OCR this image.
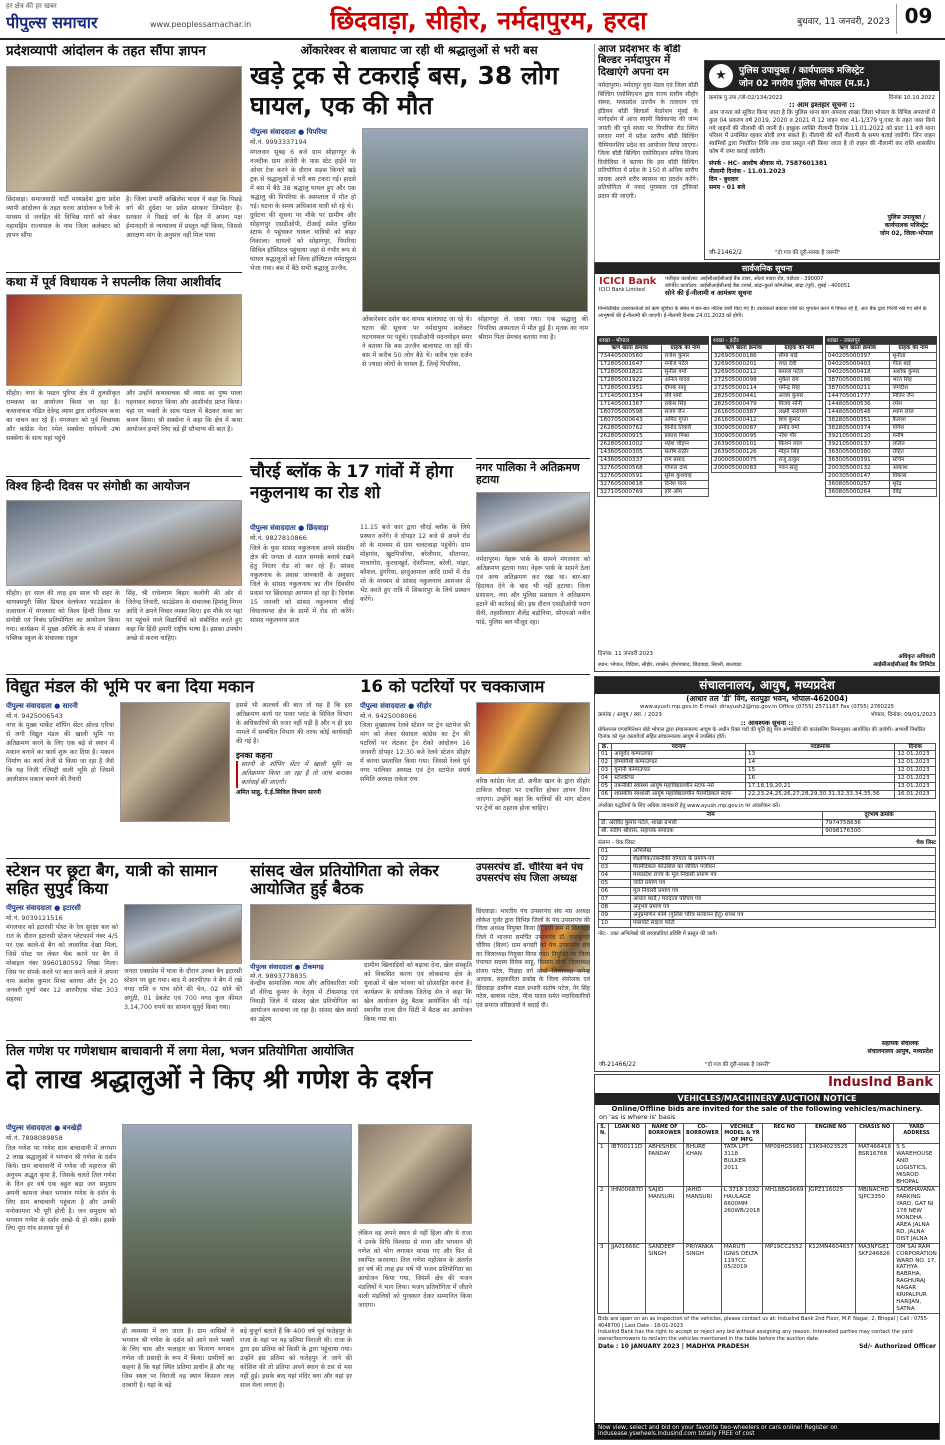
हर क्षेत्र की हर खबर
पीपुल्स समाचार	www.peoplessamachar.in	छिंदवाड़ा, सीहोर, नर्मदापुरम, हरदा	बुधवार, 11 जनवरी, 2023 09
प्रदेशव्यापी आंदोलन के तहत सौंपा ज्ञापन
छिंदवाड़ा। समाजवादी पार्टी मध्यप्रदेश द्वारा प्रदेश व्यापी आंदोलन के तहत धरना आंदोलन व रैली के माध्यम से जनहित की विभिन्न मांगों को लेकर महामहिम राज्यपाल के नाम जिला कलेक्टर को ज्ञापन सौंपा
है। जिला प्रभारी अखिलेश यादव ने कहा कि पिछड़े वर्ग की दुर्दशा पर प्रदेश सरकार जिम्मेदार है। सरकार ने पिछड़े वर्ग के हित में अपना पक्ष ईमानदारी से न्यायालय में प्रस्तुत नहीं किया, जिससे आरक्षण मांग के अनुसार नहीं मिल पाया
कथा में पूर्व विधायक ने सपत्नीक लिया आशीर्वाद
सीहोर। नगर के पस्टन पुरिया क्षेत्र में तुलसीकृत रामकथा का आयोजन किया जा रहा है। कथावाचक पंडित देवेन्द्र व्यास द्वारा संगीतमय कथा का वाचन कर रहे हैं। मंगलवार को पूर्व विधायक और कांग्रेस नेता रमेश सक्सेना धर्मपत्नी उषा सक्सेना के साथ यहां पहुंचे
और उन्होंने कथावाचक श्री व्यास का पुष्प माला पहनाकर स्वागत किया और आशीर्वाद प्राप्त किया। यहां पर भक्तों के साथ पंडाल में बैठकर कथा का श्रवण किया। श्री सक्सेना ने कहा कि क्षेत्र में कथा आयोजन हमारे लिए बड़े ही सौभाग्य की बात है।
विश्व हिन्दी दिवस पर संगोष्ठी का आयोजन
सीहोर। हर साल की तरह इस साल भी शहर के चाणक्यपुरी स्थित प्रियल वेलफेयर फाउंडेशन के तत्वाधान में मंगलवार को विश्व हिन्दी दिवस पर संगोष्ठी एवं निबंध प्रतियोगिता का आयोजन किया गया। कार्यक्रम में मुख्य अतिथि के रूप में संस्कार पब्लिक स्कूल के संचालक राहुल
सिंह, श्री राधेश्याम बिहार कलोनी की ओर से जितेन्द्र तिवारी, फाउंडेशन के संचालक हिमांशु निगम आदि ने अपने विचार व्यक्त किए। इस मौके पर यहां पर पहुंचने वाले विद्यार्थियों को संबोधित करते हुए कहा कि हिंदी हमारी राष्ट्रीय भाषा है। इसका उपयोग अच्छे से करना चाहिए।
ओंकारेश्वर से बालाघाट जा रही थी श्रद्धालुओं से भरी बस
खड़े ट्रक से टकराई बस, 38 लोग घायल, एक की मौत
पीपुल्स संवाददाता ● पिपरिया
मो.नं. 9993337194
मंगलवार सुबह 6 बजे ग्राम सोहागपुर के नजदीक ग्राम अंजेरी के पास स्टेट हाईवे पर ओवर टेक करने के दौरान सड़क किनारे खड़े ट्रक से श्रद्धालुओं से भरी बस टकरा गई। हादसे में बस में बैठे 38 श्रद्धालु घायल हुए और एक श्रद्धालु की पिपरिया के अस्पताल में मौत हो गई। घटना के समय अधिकांश यात्री सो रहे थे।
दुर्घटना की सूचना पर मौके पर ग्रामीण और सोहागपुर एसडीओपी, टीआई समेत पुलिस स्टाफ ने पहुंचकर घायल यात्रियों को बाहर निकाला। घायलों को सोहागपुर, पिपरिया सिविल हॉस्पिटल पहुंचाया जहां से गंभीर रूप से घायल श्रद्धालुओं को जिला हॉस्पिटल नर्मदापुरम भेजा गया। बस में बैठे सभी श्रद्धालु उज्जैन,
ओंकारेश्वर दर्शन कर वापस बालाघाट जा रहे थे। घटना की सूचना पर नर्मदापुरम कलेक्टर घटनास्थल पर पहुंचे। एसडीओपी मदनमोहन समर ने बताया कि बस उज्जैन बालाघाट जा रही थी। बस में करीब 50 लोग बैठे थे। करीब एक दर्जन से ज्यादा लोगों के घायल हैं, जिन्हें पिपरिया,
सोहागपुर ले जाया गया। एक श्रद्धालु की पिपरिया अस्पताल में मौत हुई है। मृतक का नाम श्रीराम पिता प्रेमचंद बताया गया है।
चौरई ब्लॉक के 17 गांवों में होगा नकुलनाथ का रोड शो
पीपुल्स संवाददाता ● छिंदवाड़ा
मो.नं. 9827810866
जिले के युवा सांसद नकुलनाथ अपने संसदीय क्षेत्र की जनता से सतत सम्पर्क बनाये रखने हेतु निरंतर रोड शो कर रहे हैं। सांसद नकुलनाथ के प्रवास जानकारी के अनुसार जिले के सांसद नकुलनाथ का तीन दिवसीय प्रवास पर छिंदवाड़ा आगमन हो रहा है। दिनांक 15 जनवरी को सांसद नकुलनाथ चौरई विधानसभा क्षेत्र के ग्रामों में रोड शो करेंगे। सांसद नकुलनाथ प्रातः
11.15 बजे कार द्वारा चौरई ब्लॉक के लिये प्रस्थान करेंगे। वे दोपहर 12 बजे से अपने रोड शो के माध्यम से ग्राम चलटवाड़ा पहुंचेंगे। ग्राम मोहगांव, खुटपिपरिया, बरेलीपार, सीतापार, माचागोरा, कुरचाखुर्द, देवरीमाल, बरेली, पांढ़र, कौशल, डुंगरिया, हरदुआमाल आदि ग्रामों में रोड शो के माध्यम से सांसद नकुलनाथ आमजन से भेंट करते हुए रात्रि में शिकारपुर के लिये प्रस्थान करेंगे।
नगर पालिका ने अतिक्रमण हटाया
नर्मदापुरम। नेहरू पार्क के सामने मंगलवार को अतिक्रमण हटाया गया। नेहरू पार्क के सामने ठेला एवं अन्य अतिक्रमण कर रखा था। बार-बार हिदायत देने के बाद भी नहीं हटाया। जिला प्रशासन, नपा और पुलिस प्रशासन ने अतिक्रमण हटाने की कार्रवाई की। इस दौरान एसडीओपी पराग सैनी, तहसीलदार शैलेंद्र बड़ोनिया, सीएमओ नवीन पांडे, पुलिस बल मौजूद रहा।
★	पुलिस उपायुक्त / कार्यपालक मजिस्ट्रेट
जोन 02 नगरीय पुलिस भोपाल (म.प्र.)
क्रमांक पु.उपा./जो-02/134/2022	दिनांक 10.10.2022
:: आम इश्तहार सूचना ::
आम जनता को सूचित किया जाता है कि पुलिस थाना बाग अपराध शाखा जिला भोपाल के विभिन्न अपराधों में कुल 04 प्रकरण वर्ष 2019, 2020 व 2021 में 12 वाहन धारा 41-1/379 पु.एक्ट के तहत जब्त किये गये वाहनों की नीलामी की जानी है। इच्छुक व्यक्ति नीलामी दिनांक 11.01.2022 को प्रातः 11 बजे थाना परिसर में उपस्थित रहकर बोली लगा सकते हैं। नीलामी की शर्तें नीलामी के समय बताई जावेंगी। जिन वाहन स्वामियों द्वारा निर्धारित तिथि तक दावा प्रस्तुत नहीं किया जाता है तो वाहन की नीलामी कर राशि शासकीय कोष में जमा कराई जावेगी।
संपर्क - HC- आशीष श्रीवास मो. 7587601381
नीलामी दिनांक - 11.01.2023
दिन - बुधवार
समय - 01 बजे
पुलिस उपायुक्त /
कार्यपालक मजिस्ट्रेट
जोन 02, जिला-भोपाल
जी-21462/2	"दो गज की दूरी-मास्क है जरूरी"
आज प्रदेशभर के बॉडी बिल्डर नर्मदापुरम में दिखाएंगे अपना दम
नर्मदापुरम। नर्मदापुर युवा मंडल एवं जिला बॉडी बिल्डिंग एसोसिएशन द्वारा राज्य स्तरीय सीहोर संस्था, मध्यप्रदेश उज्जैन के तत्वधान एवं इंडियन बॉडी बिल्डर्स फेडरेशन मुंबई के मार्गदर्शन में आज स्वामी विवेकानंद की जन्म जयंती की पूर्व संध्या पर पिपरिया रोड स्थित सरदार मार्ग में प्रदेश स्तरीय बॉडी बिल्डिंग चैम्पियनशिप प्रदेश का आयोजन किया जाएगा। जिला बॉडी बिल्डिंग एसोसिएशन सचिव विजय दिवोलिया ने बताया कि इस बॉडी बिल्डिंग प्रतियोगिता में प्रदेश के 150 से अधिक स्तरीय साधक अपने शरीर स्वास्थ्य का प्रदर्शन करेंगे। प्रतियोगिता में नकद पुरस्कार एवं ट्रॉफियां प्रदान की जाएगी।
सार्वजनिक सूचना
ICICI Bank
ICICI Bank Limited
पंजीकृत कार्यालय: आईसीआईसीआई बैंक टावर, ओल्ड पादरा रोड, वडोदरा - 390007
कॉर्पोरेट कार्यालय: आईसीआईसीआई बैंक टावर्स, बांद्रा-कुर्ला कॉम्प्लेक्स, बांद्रा (पूर्व), मुंबई - 400051
सोने की ई-नीलामी व आमंत्रण सूचना
निम्नलिखित उधारकर्ताओं को ऋण सुविधा के संबंध में बार-बार नोटिस जारी किए गए हैं। उधारकर्ता बकाया राशि का भुगतान करने में विफल रहे हैं, अतः बैंक द्वारा गिरवी रखे गए सोने के आभूषणों की ई-नीलामी की जाएगी। ई-नीलामी दिनांक 24.01.2023 को होगी।
शाखा - भोपाल
ऋण खाता क्रमांक	ग्राहक का नाम
734405000560	राजेश कुमार
172805001647	मनोज पटेल
172805001821	सुनील वर्मा
172805001922	अनिल यादव
172805001951	दीपक साहू
171405001354	रवि शर्मा
171405001367	राकेश सिंह
180705000598	संजय जैन
180705000643	अमित गुप्ता
262805000762	विनोद तिवारी
262805000915	प्रकाश मिश्रा
262805001002	महेश चौहान
143605000305	संतोष राठौर
143605000337	राम प्रसाद
327605000568	गोपाल दास
327605000591	सुरेश कुशवाह
327605000618	दिनेश पाल
327105000769	हरि ओम
शाखा - इंदौर
ऋण खाता क्रमांक	ग्राहक का नाम
326905000186	सीमा बाई
326905000201	राधा देवी
326905000212	कमला पटेल
272505000098	मुकेश राय
272505000114	धर्मेन्द्र सिंह
282505000441	अजय कुमार
282505000479	विजय सोनी
261605000387	लक्ष्मी नारायण
261605000412	शिव कुमार
300905000087	प्रमोद वर्मा
300905000095	नरेश गौर
263905000101	किशन लाल
263905000126	मोहन सिंह
200005000075	राजू ठाकुर
200005000083	पवन साहू
शाखा - जबलपुर
ऋण खाता क्रमांक	ग्राहक का नाम
040205000397	सुनीता
040205000403	गीता बाई
040205000418	अशोक कुमार
387005000186	भरत सिंह
387005000211	जगदीश
144705001777	नितिन जैन
144805000536	रमेश
144805000548	श्याम लाल
382805000351	कैलाश
382805000374	योगेश
392105000120	मनीष
392105000137	ललित
363005000380	रोहित
363005000391	सचिन
200305000132	आकाश
200305000147	विकास
360805000257	सुरेंद्र
360805000264	देवेंद्र
दिनांक: 11 जनवरी 2023
स्थान: भोपाल, विदिशा, सीहोर, रायसेन, होशंगाबाद, छिंदवाड़ा, सिवनी, बालाघाट
अधिकृत अधिकारी
आईसीआईसीआई बैंक लिमिटेड
विद्युत मंडल की भूमि पर बना दिया मकान
पीपुल्स संवाददाता ● सारनी
मो.नं. 9425006543
नगर के मुख्य मार्केट शॉपिंग सेंटर ओल्ड एरिया से लगी विद्युत मंडल की खाली भूमि पर अतिक्रमण करने के लिए एक बड़े से स्थान में मकान बनाने का कार्य शुरू कर दिया है। मकान निर्माण का कार्य तेजी से किया जा रहा है जैसे कि यह निजी रजिस्ट्री वाली भूमि हो जिसमें आलीशान मकान बनाने की तैयारी
इससे भी आश्चर्य की बात तो यह है कि इस अतिक्रमण कार्य पर पावर प्लांट के सिविल विभाग के अधिकारियों की नजर नहीं पड़ी है और न ही इस मामले में सम्बंधित विभाग की तरफ कोई कार्यवाही की गई है।
इनका कहना
सारनी के शॉपिंग सेंटर में खाली भूमि पर अतिक्रमण किया जा रहा है तो जांच कराकर कार्रवाई की जाएगी।
अमित साहू, ऐ.ई.सिविल विभाग सारनी
16 को पटरियों पर चक्काजाम
पीपुल्स संवाददाता ● सीहोर
मो.नं. 9425008066
जिला मुख्यालय रेलवे स्टेशन पर ट्रेन स्टापेज की मांग को लेकर सेवादल कांग्रेस का ट्रेन की पटरियों पर लेटकर ट्रेन रोको आंदोलन 16 जनवरी दोपहर 12:30 बजे रेलवे स्टेशन सीहोर में करना प्रस्तावित किया गया। जिससे रेलवे पूर्व नगर पालिका अध्यक्ष एवं ट्रेन स्टापेज संघर्ष समिति अध्यक्ष राकेश राय	वरिष्ठ कांग्रेस नेता डॉ. अनीश खान के द्वारा सीहोर टाकिज चौराहा पर एकत्रित होकर ज्ञापन दिया जाएगा। उन्होंने कहा कि यात्रियों की मांग स्टेशन पर ट्रेनों का ठहराव होना चाहिए।
स्टेशन पर छूटा बैग, यात्री को सामान सहित सुपुर्द किया
पीपुल्स संवाददाता ● इटारसी
मो.नं. 9039121516
मंगलवार को इटारसी पोस्ट के रेल सुरक्षा बल को रात के दौरान इटारसी स्टेशन प्लेटफार्म नंबर 4/5 पर एक काले-से बैग को लावारिस देखा मिला, जिसे पोस्ट पर लेकर चैक करने पर बैग में मोबाइल नंबर 9960180592 लिखा मिला। जिस पर संपर्क करने पर बात करने वाले ने अपना नाम अशोक कुमार मिश्रा बताया और ट्रेन 20 जनवरी पूर्णा नंबर 12 आरपीएफ़ पोस्ट 303 सहरसा
जनता एक्सप्रेस में यात्रा के दौरान उनका बैग इटारसी स्टेशन पर छूट गया। बाद में आरपीएफ ने बैग में रखे नगद राशि व पांच सोने की चेन, 02 सोने की अंगूठी, 01 डेबलेट एवं 700 नगद कुल कीमत 3,14,700 रुपये का सामान सुपुर्द किया गया।
सांसद खेल प्रतियोगिता को लेकर आयोजित हुई बैठक
पीपुल्स संवाददाता ● टीकमगढ़
मो.नं. 9893778835
केन्द्रीय सामाजिक न्याय और अधिकारिता मंत्री डॉ वीरेन्द्र कुमार के नेतृत्व में टीकमगढ़ एवं निवाड़ी जिले में सांसद खेल प्रतियोगिता का आयोजन करवाया जा रहा है। सांसद खेल स्पर्धा का उद्देश्य
ग्रामीण खिलाड़ियों को बढ़ावा देना, खेल संस्कृति को विकसित करना एवं लोकसभा क्षेत्र के युवाओं में खेल भावना को प्रोत्साहित करना है। कार्यक्रम के संयोजक जितेन्द्र सेन ने कहा कि खेल आयोजन हेतु बैठक आयोजित की गई। स्थानीय राज्य ग्रीन सिटी में बैठक का आयोजन किया गया था।
उपसरपंच डॉ. चौरिया बने पंच उपसरपंच संघ जिला अध्यक्ष
छिंदवाड़ा। भारतीय पंच उपसरपंच संघ मप्र अध्यक्ष लोकेश गुर्जर द्वारा विभिन्न जिलों के पंच उपसरपंच की जिला अध्यक्ष नियुक्त किया है। इसी क्रम में छिंदवाड़ा जिले में भाजपा समर्पित उपसरपंच डॉ. राजकुमार चौरिया (बिरुर) ग्राम बगदरी को पंच उपसरपंच संघ का जिलाध्यक्ष नियुक्त किया गया। नियुक्ति पर जिला पंचायत सदस्य विवेक साहू, किसान मोर्चा जिलाध्यक्ष संजय पटेल, पिछड़ा वर्ग मोर्चा जिलाध्यक्ष जगेन्द्र अल्डक, सहकारिता प्रकोष्ठ के जिला संयोजक एवं छिंदवाड़ा ग्रामीण मंडल प्रभारी संतोष पटेल, नेर सिंह पटेल, बलराम पटेल, मीना यादव समेत पदाधिकारियों एवं समाज वरिष्ठजनों ने बधाई दी।
तिल गणेश पर गणेशधाम बाचावानी में लगा मेला, भजन प्रतियोगिता आयोजित
दो लाख श्रद्धालुओं ने किए श्री गणेश के दर्शन
पीपुल्स संवाददाता ● बनखेड़ी
मो.नं. 7898089858
तिल गणेश पर गणेश धाम बाचावानी में लगभग 2 लाख श्रद्धालुओं ने भगवान श्री गणेश के दर्शन किये। ग्राम बाचावानी में गणेश जी महाराज की अनुपम अद्भुत कृपा है, जिसके चलते तिल गणेश के दिन हर वर्ष एक बहुत बड़ा जन समुदाय अपनी कामना लेकर भगवान गणेश के दर्शन के लिए ग्राम बाचावानी पहुंचता है और उनकी मनोकामना भी पूरी होती है। जन समुदाय को भगवान गणेश के दर्शन अच्छे से हो सके। इसके लिए पूरा गांव सजाया पूर्व से
ही व्यवस्था में लग जाता है। ग्राम वासियों ने भगवान श्री गणेश के दर्शन को आने वाले भक्तों के लिए चाय और फलाहार का वितरण भगवान गणेश जी प्रसादी के रूप में किया। ग्रामीणों का कहना है कि यहां स्थित प्रतिमा प्राचीन है और यह जिस स्थल पर विराजी वह स्थान किसान लाल दरबारी है। यहां के बड़े
बड़े बुजुर्ग बताते हैं कि 400 वर्ष पूर्व फतेहपुर के राजा के यहां पर यह प्रतिमा विराजी थी। राजा के द्वारा इस प्रतिमा को किसी के द्वारा पहुंचाया गया। उन्होंने इस प्रतिमा को फतेहपुर ले जाने की कोशिश की तो प्रतिमा अपने स्थान से टस से मस नहीं हुई। इसके बाद यहां मंदिर बना और यहां हर साल मेला लगता है।
लेकिन वह अपने स्थान से नहीं हिला और ये राजा ने उनके विधि विश्वास से माना और भगवान श्री गणेश को भोग लगाकर वापस गए और फिर से स्थापित करवाया। तिल गणेश महोत्सव के अंतर्गत हर वर्ष की तरह इस वर्ष भी भजन प्रतियोगिता का आयोजन किया गया, जिसमें क्षेत्र की भजन मंडलियों ने भाग लिया। भजन प्रतियोगिता में जीतने वाली मंडलियों को पुरस्कार देकर सम्मानित किया जाएगा।
संचालनालय, आयुष, मध्यप्रदेश
(आधार तल 'डी' विंग, सतपुड़ा भवन, भोपाल-462004)
www.ayush.mp.gov.in E-mail: dirayush2@mp.gov.in Office (0755) 2571187 Fax (0755) 2760225
क्रमांक / आयुष / स्था. / 2023	भोपाल, दिनांक: 09/01/2023
:: आवश्यक सूचना ::
प्रोफेशनल एग्जामिनेशन बोर्ड भोपाल द्वारा संचालनालय आयुष के अधीन रिक्त पदों की पूर्ति हेतु पात्र अभ्यर्थियों की काउंसलिंग निम्नानुसार आयोजित की जावेगी। अभ्यर्थी निर्धारित दिनांक को मूल दस्तावेजों सहित संचालनालय आयुष में उपस्थित होवें।
क्र.	पदनाम	पदक्रमांक	दिनांक
01	आयुर्वेद कम्पाउण्डर	13	12.01.2023
02	होम्योपैथी कम्पाउण्डर	14	12.01.2023
03	यूनानी कम्पाउण्डर	15	12.01.2023
04	स्टोरकीपर	16	12.01.2023
05	तकनीकी स्वास्थ्य आयुष महाविद्यालयीन स्टाफ नर्स	17,18,19,20,21	13.01.2023
06	शासकीय स्वशासी आयुष महाविद्यालयीन पैरामेडिकल स्टाफ	22,23,24,25,26,27,28,29,30,31,32,33,34,35,36	16.01.2023
उपरोक्त पद्धतियों के लिए अधिक जानकारी हेतु www.ayush.mp.gov.in पर अवलोकन करें।
नाम	दूरभाष क्रमांक
डॉ. अरविंद कुमार पटेल, शाखा प्रभारी	7974758636
श्री. संदीप श्रीवास, सहायक संपादक	9098176300
संलग्न - चेक लिस्ट	चेक लिस्ट
01	अभिलेख
02	शैक्षणिक/तकनीकी योग्यता के प्रमाण-पत्र
03	पैरामेडिकल कॉउंसिल का जीवित पंजीयन
04	मध्यप्रदेश राज्य के मूल निवासी प्रमाण पत्र
05	जाति प्रमाण पत्र
06	मूल निवासी प्रमाण पत्र
07	आधार कार्ड / मतदाता परिचय पत्र
08	अनुभव प्रमाण पत्र
09	अनुप्रमाणन फॉर्म (पुलिस चरित्र सत्यापन हेतु) शपथ पत्र
10	पासपोर्ट साइज फोटो
नोट:- उक्त अभिलेखों की छायाप्रतियां प्रविष्टि में प्रस्तुत की जावें।
सहायक संचालक
संचालनालय आयुष, मध्यप्रदेश
जी-21466/22	"दो गज की दूरी-मास्क है जरूरी"
IndusInd Bank
VEHICLES/MACHINERY AUCTION NOTICE
Online/Offline bids are invited for the sale of the following vehicles/machinery.
on 'as is where is' basis
S. N.	LOAN NO	NAME OF BORROWER	CO-BORROWER	VECHILE MODEL & YR OF MFG	REG NO	ENGINE NO	CHASIS NO	YARD ADDRESS
1	IBT00111D	ABHISHEK PANDAY	BHURE KHAN	TATA LPT 3118 BULKER 2011	MP09HG5981	13K94023525	MAT466416 BSR16768	S S WAREHOUSE AND LOGISTICS, MISROD BHOPAL
2	IHN00687D	SAJID MANSURI	JAHID MANSURI	L 3718 10X2 HAULAGE 6600MM 260WB/2018	MH18BG9669	JGPZ116025	MBINACHD SJPC3350	SADBHAVANA PARKING YARD, GAT NI 178 NEW MONDHA AREA JALNA RD, JALNA DIST JALNA
3	JJA01666C	SANDEEP SINGH	PRIYANKA SINGH	MARUTI IGNIS DELTA 1197CC 05/2019	MP19CC2552	K12MN4604637	MA3NFG81 SKF246826	OM SAI RAM CORPORATION WARD NO. 17, KATHYA BABRHA, RAGHURAJ NAGAR KRIPALPUR HARIJAN, SATNA
Bids are open on an as inspection of the vehicles, please contact us at: IndusInd Bank 2nd Floor, M.P. Nagar, 2, Bhopal | Call : 0755-4048700 | Last Date : 18-01-2023
IndusInd Bank has the right to accept or reject any bid without assigning any reason. Interested parties may contact the yard owner/borrowers to reclaim the vehicles mentioned in the table before the auction date.
Date : 10 JANUARY 2023 | MADHYA PRADESH	Sd/- Authorized Officer
Now view, select and bid on your favorite two-wheelers or cars online! Register on indusease.yswheels.indusind.com totally FREE of cost
